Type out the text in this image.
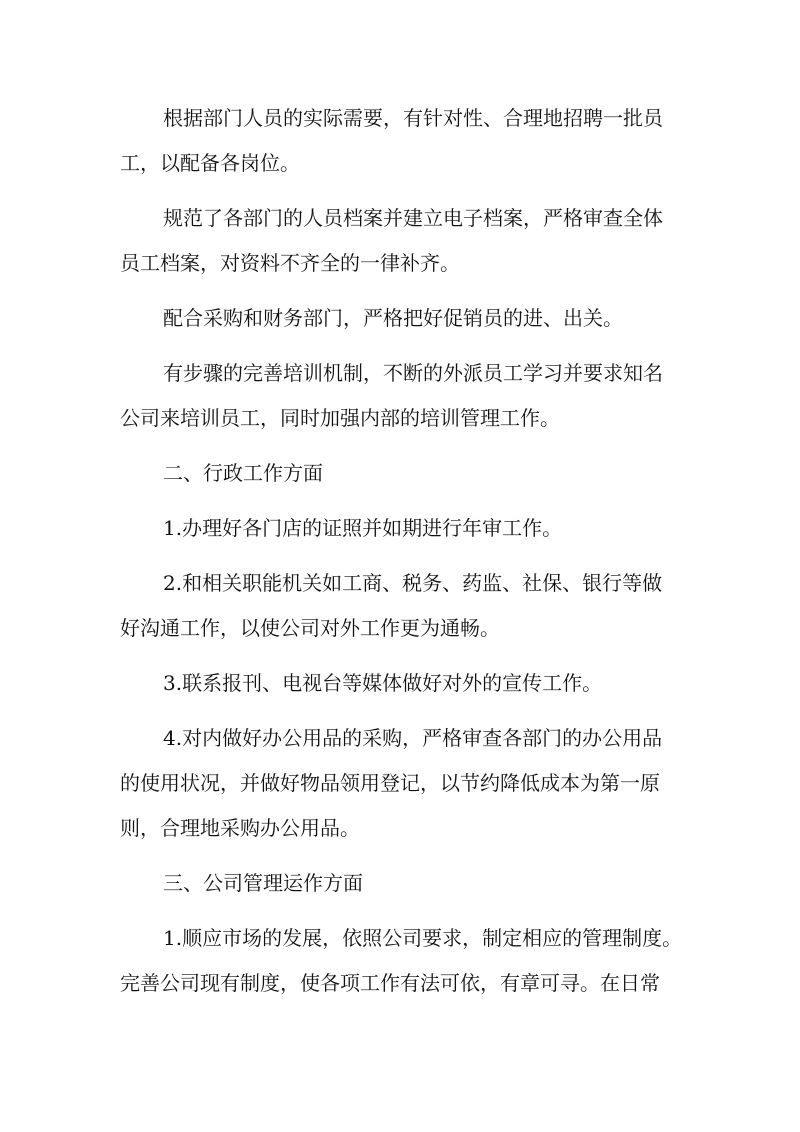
根据部门人员的实际需要，有针对性、合理地招聘一批员
工，以配备各岗位。

规范了各部门的人员档案并建立电子档案，严格审查全体
员工档案，对资料不齐全的一律补齐。

配合采购和财务部门，严格把好促销员的进、出关。

有步骤的完善培训机制，不断的外派员工学习并要求知名
公司来培训员工，同时加强内部的培训管理工作。

二、行政工作方面

1.办理好各门店的证照并如期进行年审工作。

2.和相关职能机关如工商、税务、药监、社保、银行等做
好沟通工作，以使公司对外工作更为通畅。

3.联系报刊、电视台等媒体做好对外的宣传工作。

4.对内做好办公用品的采购，严格审查各部门的办公用品
的使用状况，并做好物品领用登记，以节约降低成本为第一原
则，合理地采购办公用品。

三、公司管理运作方面

1.顺应市场的发展，依照公司要求，制定相应的管理制度。
完善公司现有制度，使各项工作有法可依，有章可寻。在日常
